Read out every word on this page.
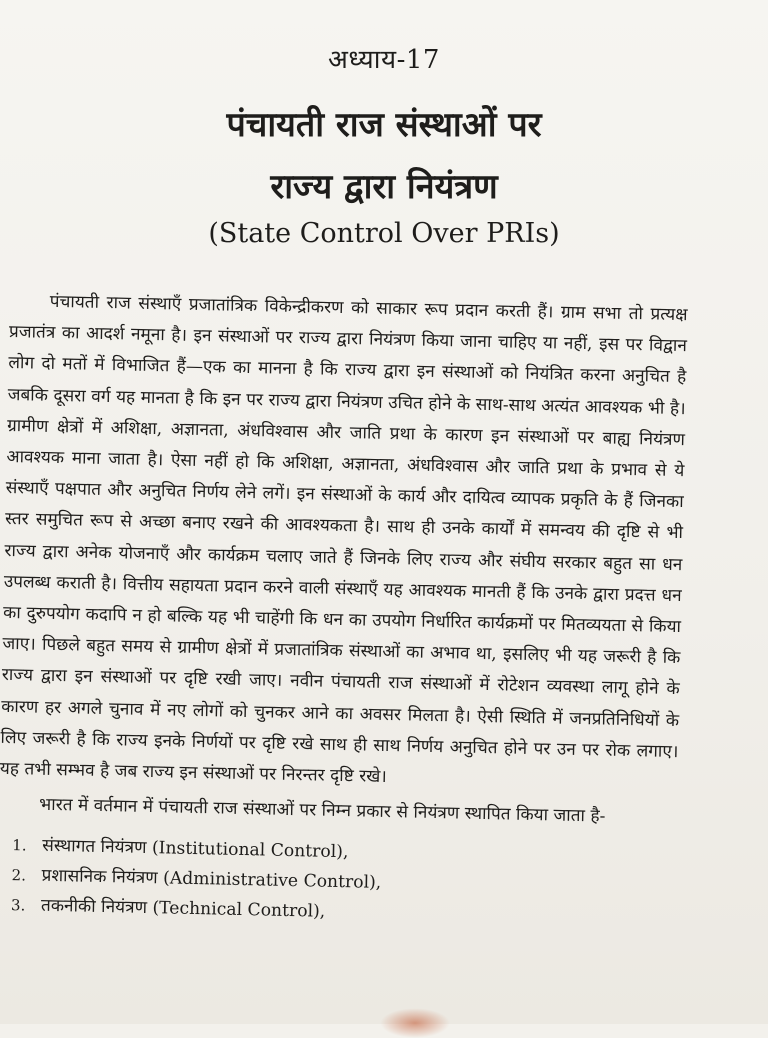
अध्याय-17
पंचायती राज संस्थाओं पर
राज्य द्वारा नियंत्रण
(State Control Over PRIs)

पंचायती राज संस्थाएँ प्रजातांत्रिक विकेन्द्रीकरण को साकार रूप प्रदान करती हैं। ग्राम सभा तो प्रत्यक्ष प्रजातंत्र का आदर्श नमूना है। इन संस्थाओं पर राज्य द्वारा नियंत्रण किया जाना चाहिए या नहीं, इस पर विद्वान लोग दो मतों में विभाजित हैं—एक का मानना है कि राज्य द्वारा इन संस्थाओं को नियंत्रित करना अनुचित है जबकि दूसरा वर्ग यह मानता है कि इन पर राज्य द्वारा नियंत्रण उचित होने के साथ-साथ अत्यंत आवश्यक भी है। ग्रामीण क्षेत्रों में अशिक्षा, अज्ञानता, अंधविश्वास और जाति प्रथा के कारण इन संस्थाओं पर बाह्य नियंत्रण आवश्यक माना जाता है। ऐसा नहीं हो कि अशिक्षा, अज्ञानता, अंधविश्वास और जाति प्रथा के प्रभाव से ये संस्थाएँ पक्षपात और अनुचित निर्णय लेने लगें। इन संस्थाओं के कार्य और दायित्व व्यापक प्रकृति के हैं जिनका स्तर समुचित रूप से अच्छा बनाए रखने की आवश्यकता है। साथ ही उनके कार्यों में समन्वय की दृष्टि से भी राज्य द्वारा अनेक योजनाएँ और कार्यक्रम चलाए जाते हैं जिनके लिए राज्य और संघीय सरकार बहुत सा धन उपलब्ध कराती है। वित्तीय सहायता प्रदान करने वाली संस्थाएँ यह आवश्यक मानती हैं कि उनके द्वारा प्रदत्त धन का दुरुपयोग कदापि न हो बल्कि यह भी चाहेंगी कि धन का उपयोग निर्धारित कार्यक्रमों पर मितव्ययता से किया जाए। पिछले बहुत समय से ग्रामीण क्षेत्रों में प्रजातांत्रिक संस्थाओं का अभाव था, इसलिए भी यह जरूरी है कि राज्य द्वारा इन संस्थाओं पर दृष्टि रखी जाए। नवीन पंचायती राज संस्थाओं में रोटेशन व्यवस्था लागू होने के कारण हर अगले चुनाव में नए लोगों को चुनकर आने का अवसर मिलता है। ऐसी स्थिति में जनप्रतिनिधियों के लिए जरूरी है कि राज्य इनके निर्णयों पर दृष्टि रखे साथ ही साथ निर्णय अनुचित होने पर उन पर रोक लगाए। यह तभी सम्भव है जब राज्य इन संस्थाओं पर निरन्तर दृष्टि रखे।

भारत में वर्तमान में पंचायती राज संस्थाओं पर निम्न प्रकार से नियंत्रण स्थापित किया जाता है-

1. संस्थागत नियंत्रण (Institutional Control),
2. प्रशासनिक नियंत्रण (Administrative Control),
3. तकनीकी नियंत्रण (Technical Control),
